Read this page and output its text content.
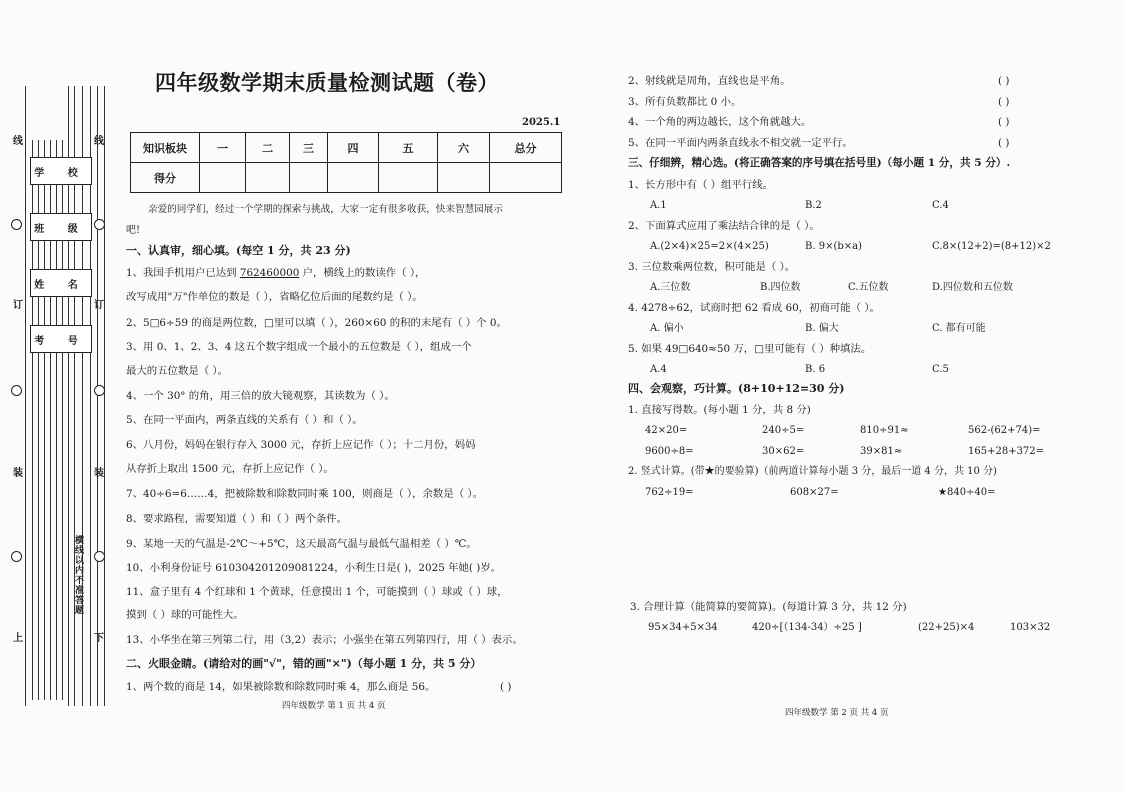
线
订
装
上
线
订
装
下
学 校
班 级
姓 名
考 号
横线以内不准答题
四年级数学期末质量检测试题（卷）
2025.1
知识板块	一	二	三	四	五	六	总分
得分							
亲爱的同学们，经过一个学期的探索与挑战，大家一定有很多收获，快来智慧园展示
吧!
一、认真审，细心填。(每空 1 分，共 23 分)
1、我国手机用户已达到 762460000 户，横线上的数读作（ ），
改写成用"万"作单位的数是（ ），省略亿位后面的尾数约是（ ）。
2、5□6÷59 的商是两位数，□里可以填（ ），260×60 的积的末尾有（ ）个 0。
3、用 0、1、2、3、4 这五个数字组成一个最小的五位数是（ ），组成一个
最大的五位数是（ ）。
4、一个 30° 的角，用三倍的放大镜观察，其读数为（ ）。
5、在同一平面内，两条直线的关系有（ ）和（ ）。
6、八月份，妈妈在银行存入 3000 元，存折上应记作（ ）；十二月份，妈妈
从存折上取出 1500 元，存折上应记作（ ）。
7、40÷6=6……4，把被除数和除数同时乘 100，则商是（ ），余数是（ ）。
8、要求路程，需要知道（ ）和（ ）两个条件。
9、某地一天的气温是-2℃～+5℃，这天最高气温与最低气温相差（ ）℃。
10、小利身份证号 610304201209081224，小利生日是( )，2025 年她( )岁。
11、盒子里有 4 个红球和 1 个黄球，任意摸出 1 个，可能摸到（ ）球或（ ）球，
摸到（ ）球的可能性大。
13、小华坐在第三列第二行，用（3,2）表示；小强坐在第五列第四行，用（ ）表示。
二、火眼金睛。(请给对的画"√"，错的画"×")（每小题 1 分，共 5 分）
1、两个数的商是 14，如果被除数和除数同时乘 4，那么商是 56。	( )
四年级数学 第 1 页 共 4 页
2、射线就是周角，直线也是平角。	( )
3、所有负数都比 0 小。	( )
4、一个角的两边越长，这个角就越大。	( )
5、在同一平面内两条直线永不相交就一定平行。	( )
三、仔细辨，精心选。(将正确答案的序号填在括号里)（每小题 1 分，共 5 分）.
1、长方形中有（ ）组平行线。
A.1	B.2	C.4
2、下面算式应用了乘法结合律的是（ ）。
A.(2×4)×25=2×(4×25)	B. 9×(b×a)	C.8×(12+2)=(8+12)×2
3. 三位数乘两位数，积可能是（ ）。
A.三位数	B.四位数	C.五位数	D.四位数和五位数
4. 4278÷62，试商时把 62 看成 60，初商可能（ ）。
A. 偏小	B. 偏大	C. 都有可能
5. 如果 49□640≈50 万，□里可能有（ ）种填法。
A.4	B. 6	C.5
四、会观察，巧计算。(8+10+12=30 分)
1. 直接写得数。(每小题 1 分，共 8 分)
42×20=	240÷5=	810÷91≈	562-(62+74)=
9600÷8=	30×62=	39×81≈	165+28+372=
2. 竖式计算。(带★的要验算)（前两道计算每小题 3 分，最后一道 4 分，共 10 分)
762÷19=	608×27=	★840÷40=
3. 合理计算（能简算的要简算)。(每道计算 3 分，共 12 分)
95×34+5×34	420÷[（134-34）÷25 ]	(22+25)×4	103×32
四年级数学 第 2 页 共 4 页
